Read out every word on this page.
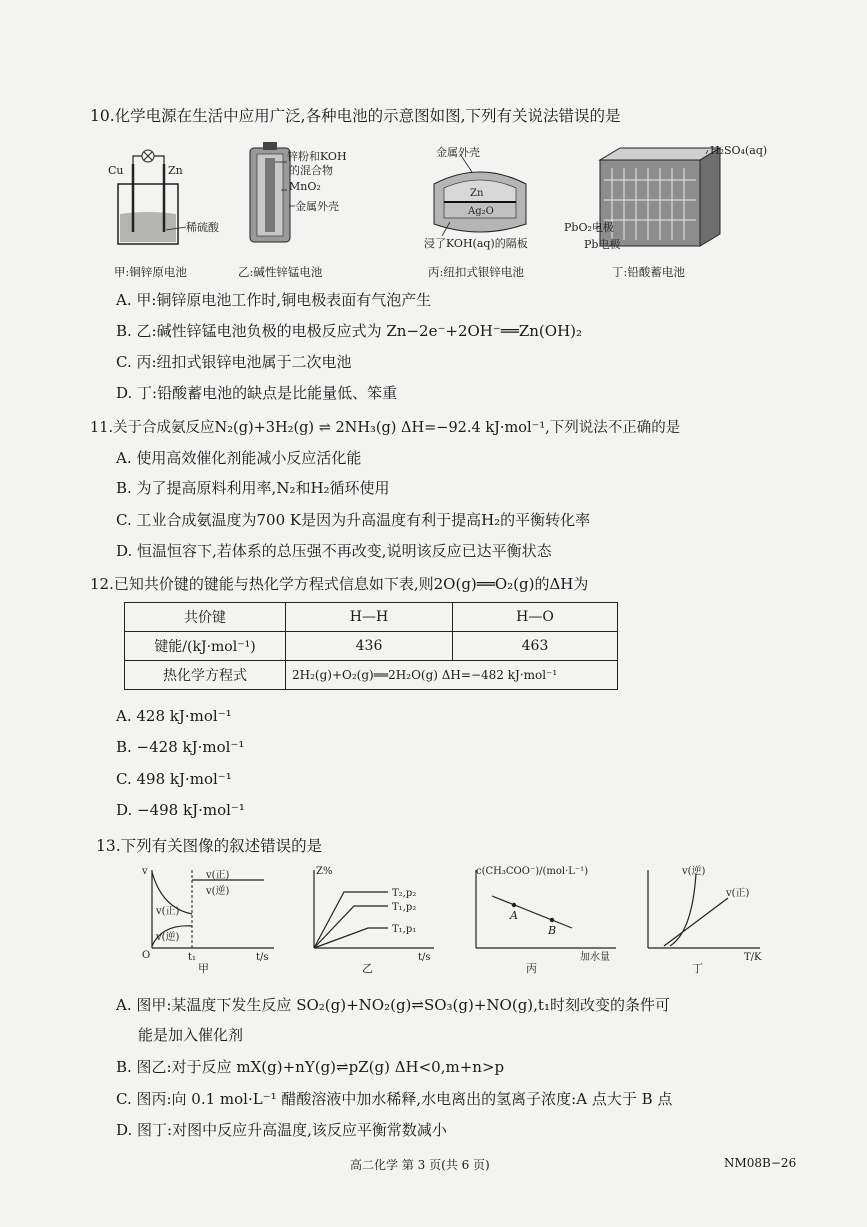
10.化学电源在生活中应用广泛,各种电池的示意图如图,下列有关说法错误的是
Cu	Zn
稀硫酸
锌粉和KOH
的混合物
MnO₂
金属外壳
金属外壳
Zn
Ag₂O
浸了KOH(aq)的隔板
H₂SO₄(aq)
PbO₂电极
Pb电极
甲:铜锌原电池	乙:碱性锌锰电池	丙:纽扣式银锌电池	丁:铅酸蓄电池
A. 甲:铜锌原电池工作时,铜电极表面有气泡产生
B. 乙:碱性锌锰电池负极的电极反应式为 Zn−2e⁻+2OH⁻══Zn(OH)₂
C. 丙:纽扣式银锌电池属于二次电池
D. 丁:铅酸蓄电池的缺点是比能量低、笨重
11.关于合成氨反应N₂(g)+3H₂(g) ⇌ 2NH₃(g) ΔH=−92.4 kJ·mol⁻¹,下列说法不正确的是
A. 使用高效催化剂能减小反应活化能
B. 为了提高原料利用率,N₂和H₂循环使用
C. 工业合成氨温度为700 K是因为升高温度有利于提高H₂的平衡转化率
D. 恒温恒容下,若体系的总压强不再改变,说明该反应已达平衡状态
12.已知共价键的键能与热化学方程式信息如下表,则2O(g)══O₂(g)的ΔH为
共价键	H—H	H—O
键能/(kJ·mol⁻¹)	436	463
热化学方程式	2H₂(g)+O₂(g)══2H₂O(g) ΔH=−482 kJ·mol⁻¹	
A. 428 kJ·mol⁻¹
B. −428 kJ·mol⁻¹
C. 498 kJ·mol⁻¹
D. −498 kJ·mol⁻¹
13.下列有关图像的叙述错误的是
v
O	t₁	t/s
v(正)
v(逆)
v(正)
v(逆)
甲
Z%
T₂,p₂
T₁,p₂
T₁,p₁
t/s
乙
c(CH₃COO⁻)/(mol·L⁻¹)
A
B
加水量
丙
v(逆)
v(正)
T/K
丁
A. 图甲:某温度下发生反应 SO₂(g)+NO₂(g)⇌SO₃(g)+NO(g),t₁时刻改变的条件可
能是加入催化剂
B. 图乙:对于反应 mX(g)+nY(g)⇌pZ(g) ΔH<0,m+n>p
C. 图丙:向 0.1 mol·L⁻¹ 醋酸溶液中加水稀释,水电离出的氢离子浓度:A 点大于 B 点
D. 图丁:对图中反应升高温度,该反应平衡常数减小
高二化学 第 3 页(共 6 页)	NM08B−26
